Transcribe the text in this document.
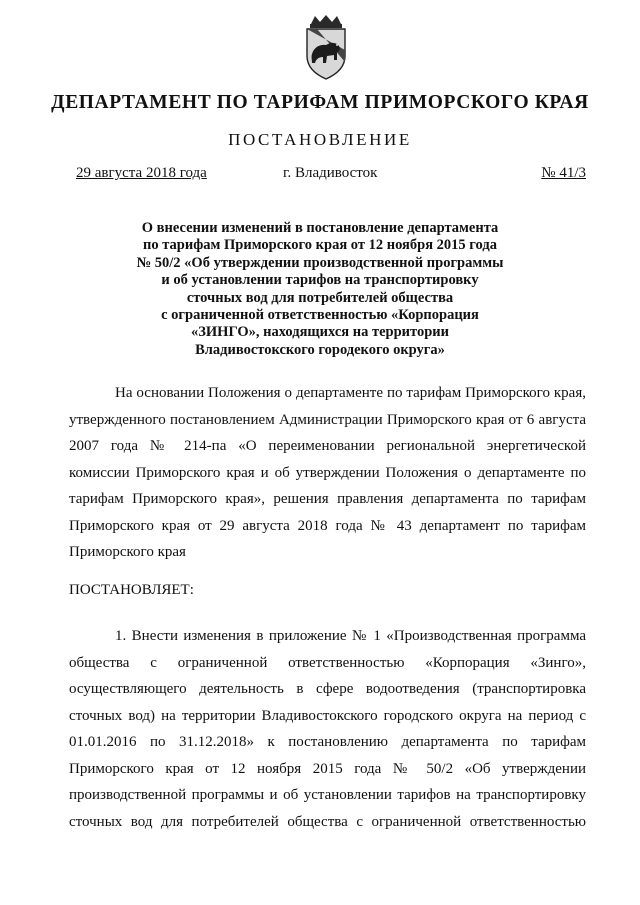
ДЕПАРТАМЕНТ ПО ТАРИФАМ ПРИМОРСКОГО КРАЯ
ПОСТАНОВЛЕНИЕ
29 августа 2018 года	г. Владивосток	№ 41/3
О внесении изменений в постановление департамента
по тарифам Приморского края от 12 ноября 2015 года
№ 50/2 «Об утверждении производственной программы
и об установлении тарифов на транспортировку
сточных вод для потребителей общества
с ограниченной ответственностью «Корпорация
«ЗИНГО», находящихся на территории
Владивостокского городекого округа»
На основании Положения о департаменте по тарифам Приморского края,
утвержденного постановлением Администрации Приморского края от 6 августа
2007 года № 214-па «О переименовании региональной энергетической
комиссии Приморского края и об утверждении Положения о департаменте по
тарифам Приморского края», решения правления департамента по тарифам
Приморского края от 29 августа 2018 года № 43 департамент по тарифам
Приморского края
ПОСТАНОВЛЯЕТ:
1. Внести изменения в приложение № 1 «Производственная программа
общества с ограниченной ответственностью «Корпорация «Зинго»,
осуществляющего деятельность в сфере водоотведения (транспортировка
сточных вод) на территории Владивостокского городского округа на период с
01.01.2016 по 31.12.2018» к постановлению департамента по тарифам
Приморского края от 12 ноября 2015 года № 50/2 «Об утверждении
производственной программы и об установлении тарифов на транспортировку
сточных вод для потребителей общества с ограниченной ответственностью
